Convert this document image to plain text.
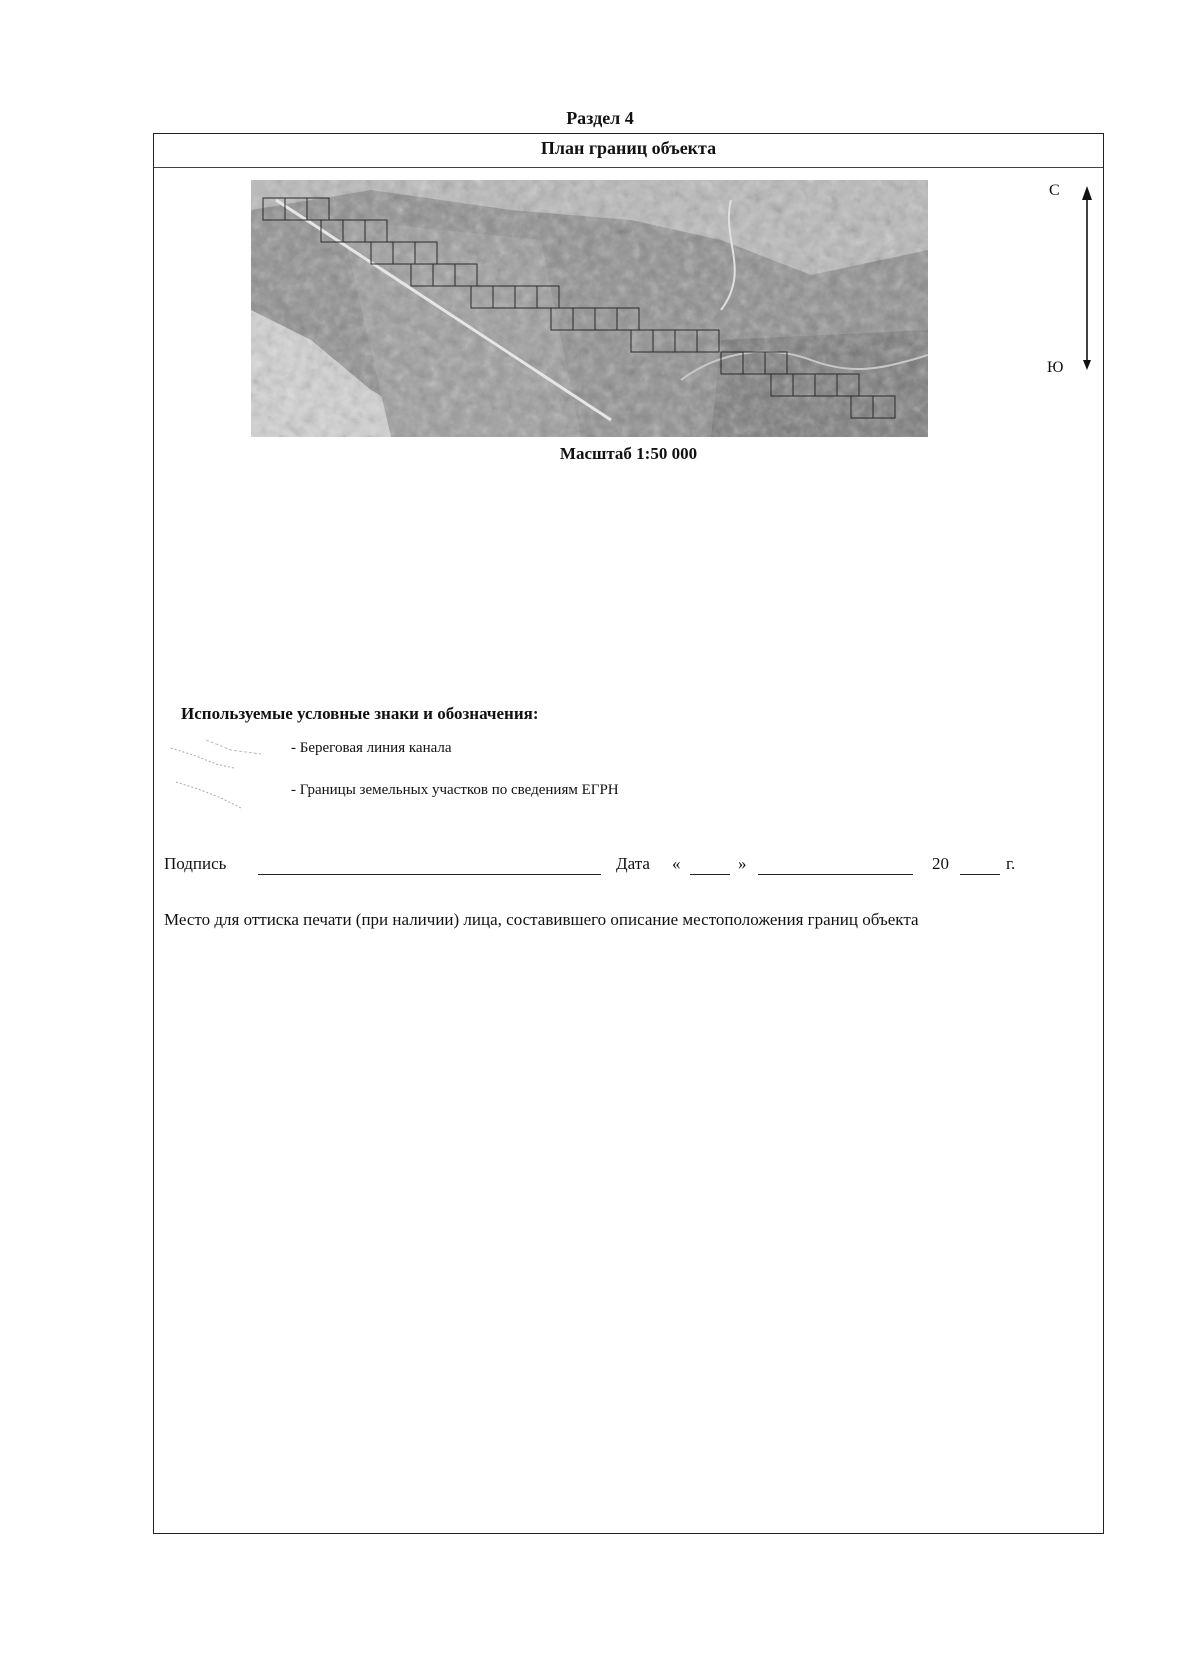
Раздел 4
План границ объекта
С
Ю
Масштаб 1:50 000
Используемые условные знаки и обозначения:
- Береговая линия канала
- Границы земельных участков по сведениям ЕГРН
Подпись	Дата «	»	20	г.
Место для оттиска печати (при наличии) лица, составившего описание местоположения границ объекта
